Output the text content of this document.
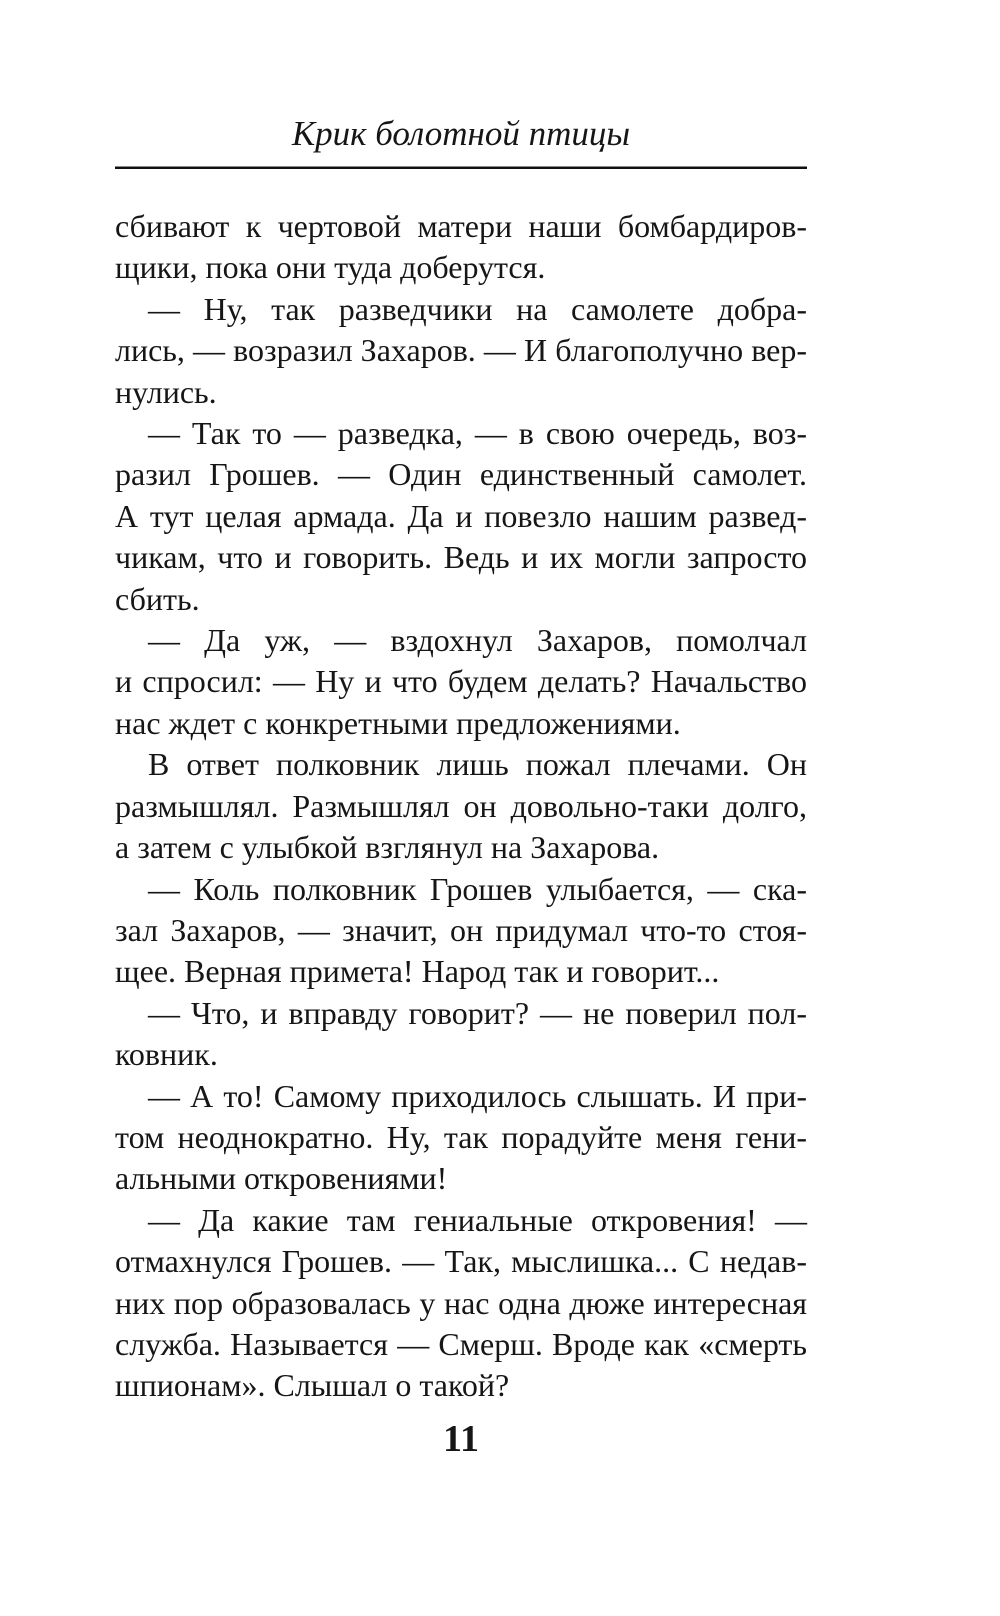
Крик болотной птицы
сбивают к чертовой матери наши бомбардиров-
щики, пока они туда доберутся.
— Ну, так разведчики на самолете добра-
лись, — возразил Захаров. — И благополучно вер-
нулись.
— Так то — разведка, — в свою очередь, воз-
разил Грошев. — Один единственный самолет.
А тут целая армада. Да и повезло нашим развед-
чикам, что и говорить. Ведь и их могли запросто
сбить.
— Да уж, — вздохнул Захаров, помолчал
и спросил: — Ну и что будем делать? Начальство
нас ждет с конкретными предложениями.
В ответ полковник лишь пожал плечами. Он
размышлял. Размышлял он довольно-таки долго,
а затем с улыбкой взглянул на Захарова.
— Коль полковник Грошев улыбается, — ска-
зал Захаров, — значит, он придумал что-то стоя-
щее. Верная примета! Народ так и говорит...
— Что, и вправду говорит? — не поверил пол-
ковник.
— А то! Самому приходилось слышать. И при-
том неоднократно. Ну, так порадуйте меня гени-
альными откровениями!
— Да какие там гениальные откровения! —
отмахнулся Грошев. — Так, мыслишка... С недав-
них пор образовалась у нас одна дюже интересная
служба. Называется — Смерш. Вроде как «смерть
шпионам». Слышал о такой?
11
